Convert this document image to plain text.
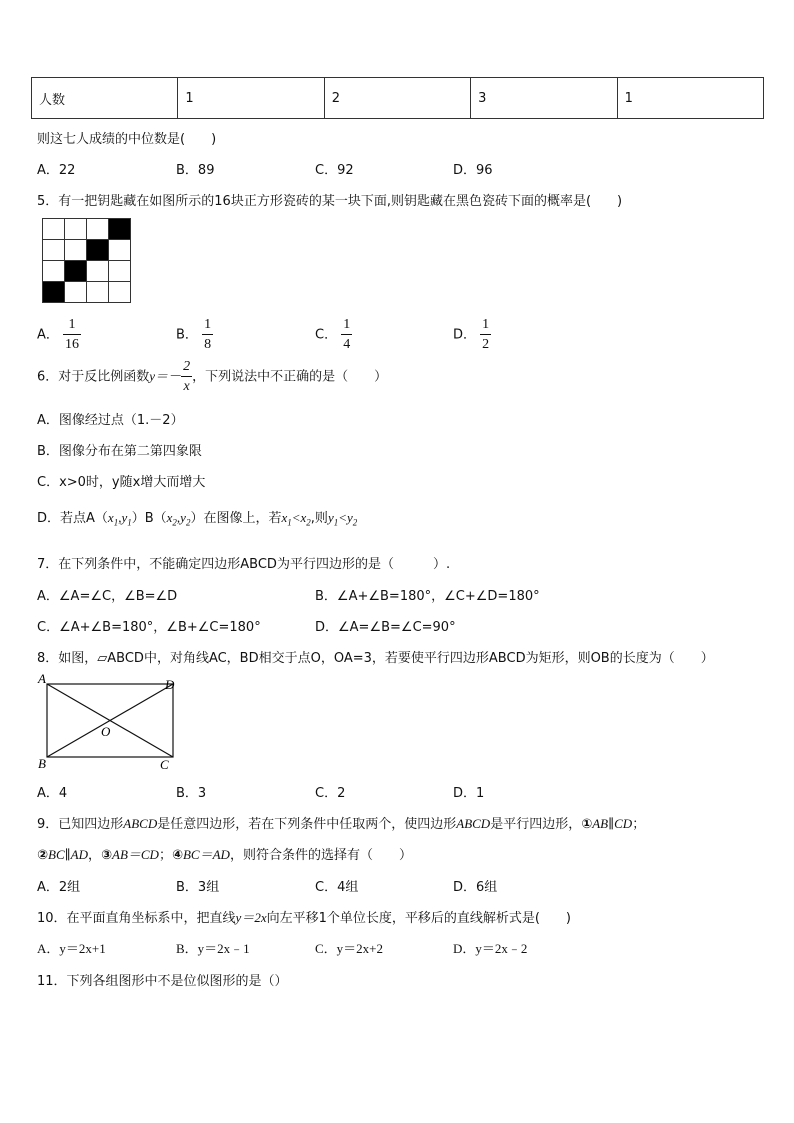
人数	1	2	3	1
则这七人成绩的中位数是(　　)
A．22	B．89	C．92	D．96
5．有一把钥匙藏在如图所示的16块正方形瓷砖的某一块下面,则钥匙藏在黑色瓷砖下面的概率是(　　)

A． $\frac{1}{16}$	B． $\frac{1}{8}$	C． $\frac{1}{4}$	D． $\frac{1}{2}$
6．对于反比例函数$y=- \frac{2}{x}$ ，下列说法中不正确的是（　　）
A．图像经过点（1.－2）
B．图像分布在第二第四象限
C．x>0时，y随x增大而增大
D．若点$A(x_1,y_1)B(x_2,y_2)$在图像上，若$x_1<x_2$,则$y_1<y_2$
7．在下列条件中，不能确定四边形ABCD为平行四边形的是（　　　）.
A．∠A=∠C，∠B=∠D	B．∠A+∠B=180°，∠C+∠D=180°
C．∠A+∠B=180°，∠B+∠C=180°	D．∠A=∠B=∠C=90°
8．如图，▱ABCD中，对角线AC，BD相交于点O，OA=3，若要使平行四边形ABCD为矩形，则OB的长度为（　　）
A	D
B	C
O
A．4	B．3	C．2	D．1
9．已知四边形ABCD是任意四边形，若在下列条件中任取两个，使四边形ABCD是平行四边形，①AB∥CD；
②BC∥AD，③AB＝CD；④BC＝AD，则符合条件的选择有（　　）
A．2组	B．3组	C．4组	D．6组
10．在平面直角坐标系中，把直线y＝2x向左平移1个单位长度，平移后的直线解析式是(　　)
A．y＝2x+1	B．y＝2x﹣1	C．y＝2x+2	D．y＝2x﹣2
11．下列各组图形中不是位似图形的是（）
